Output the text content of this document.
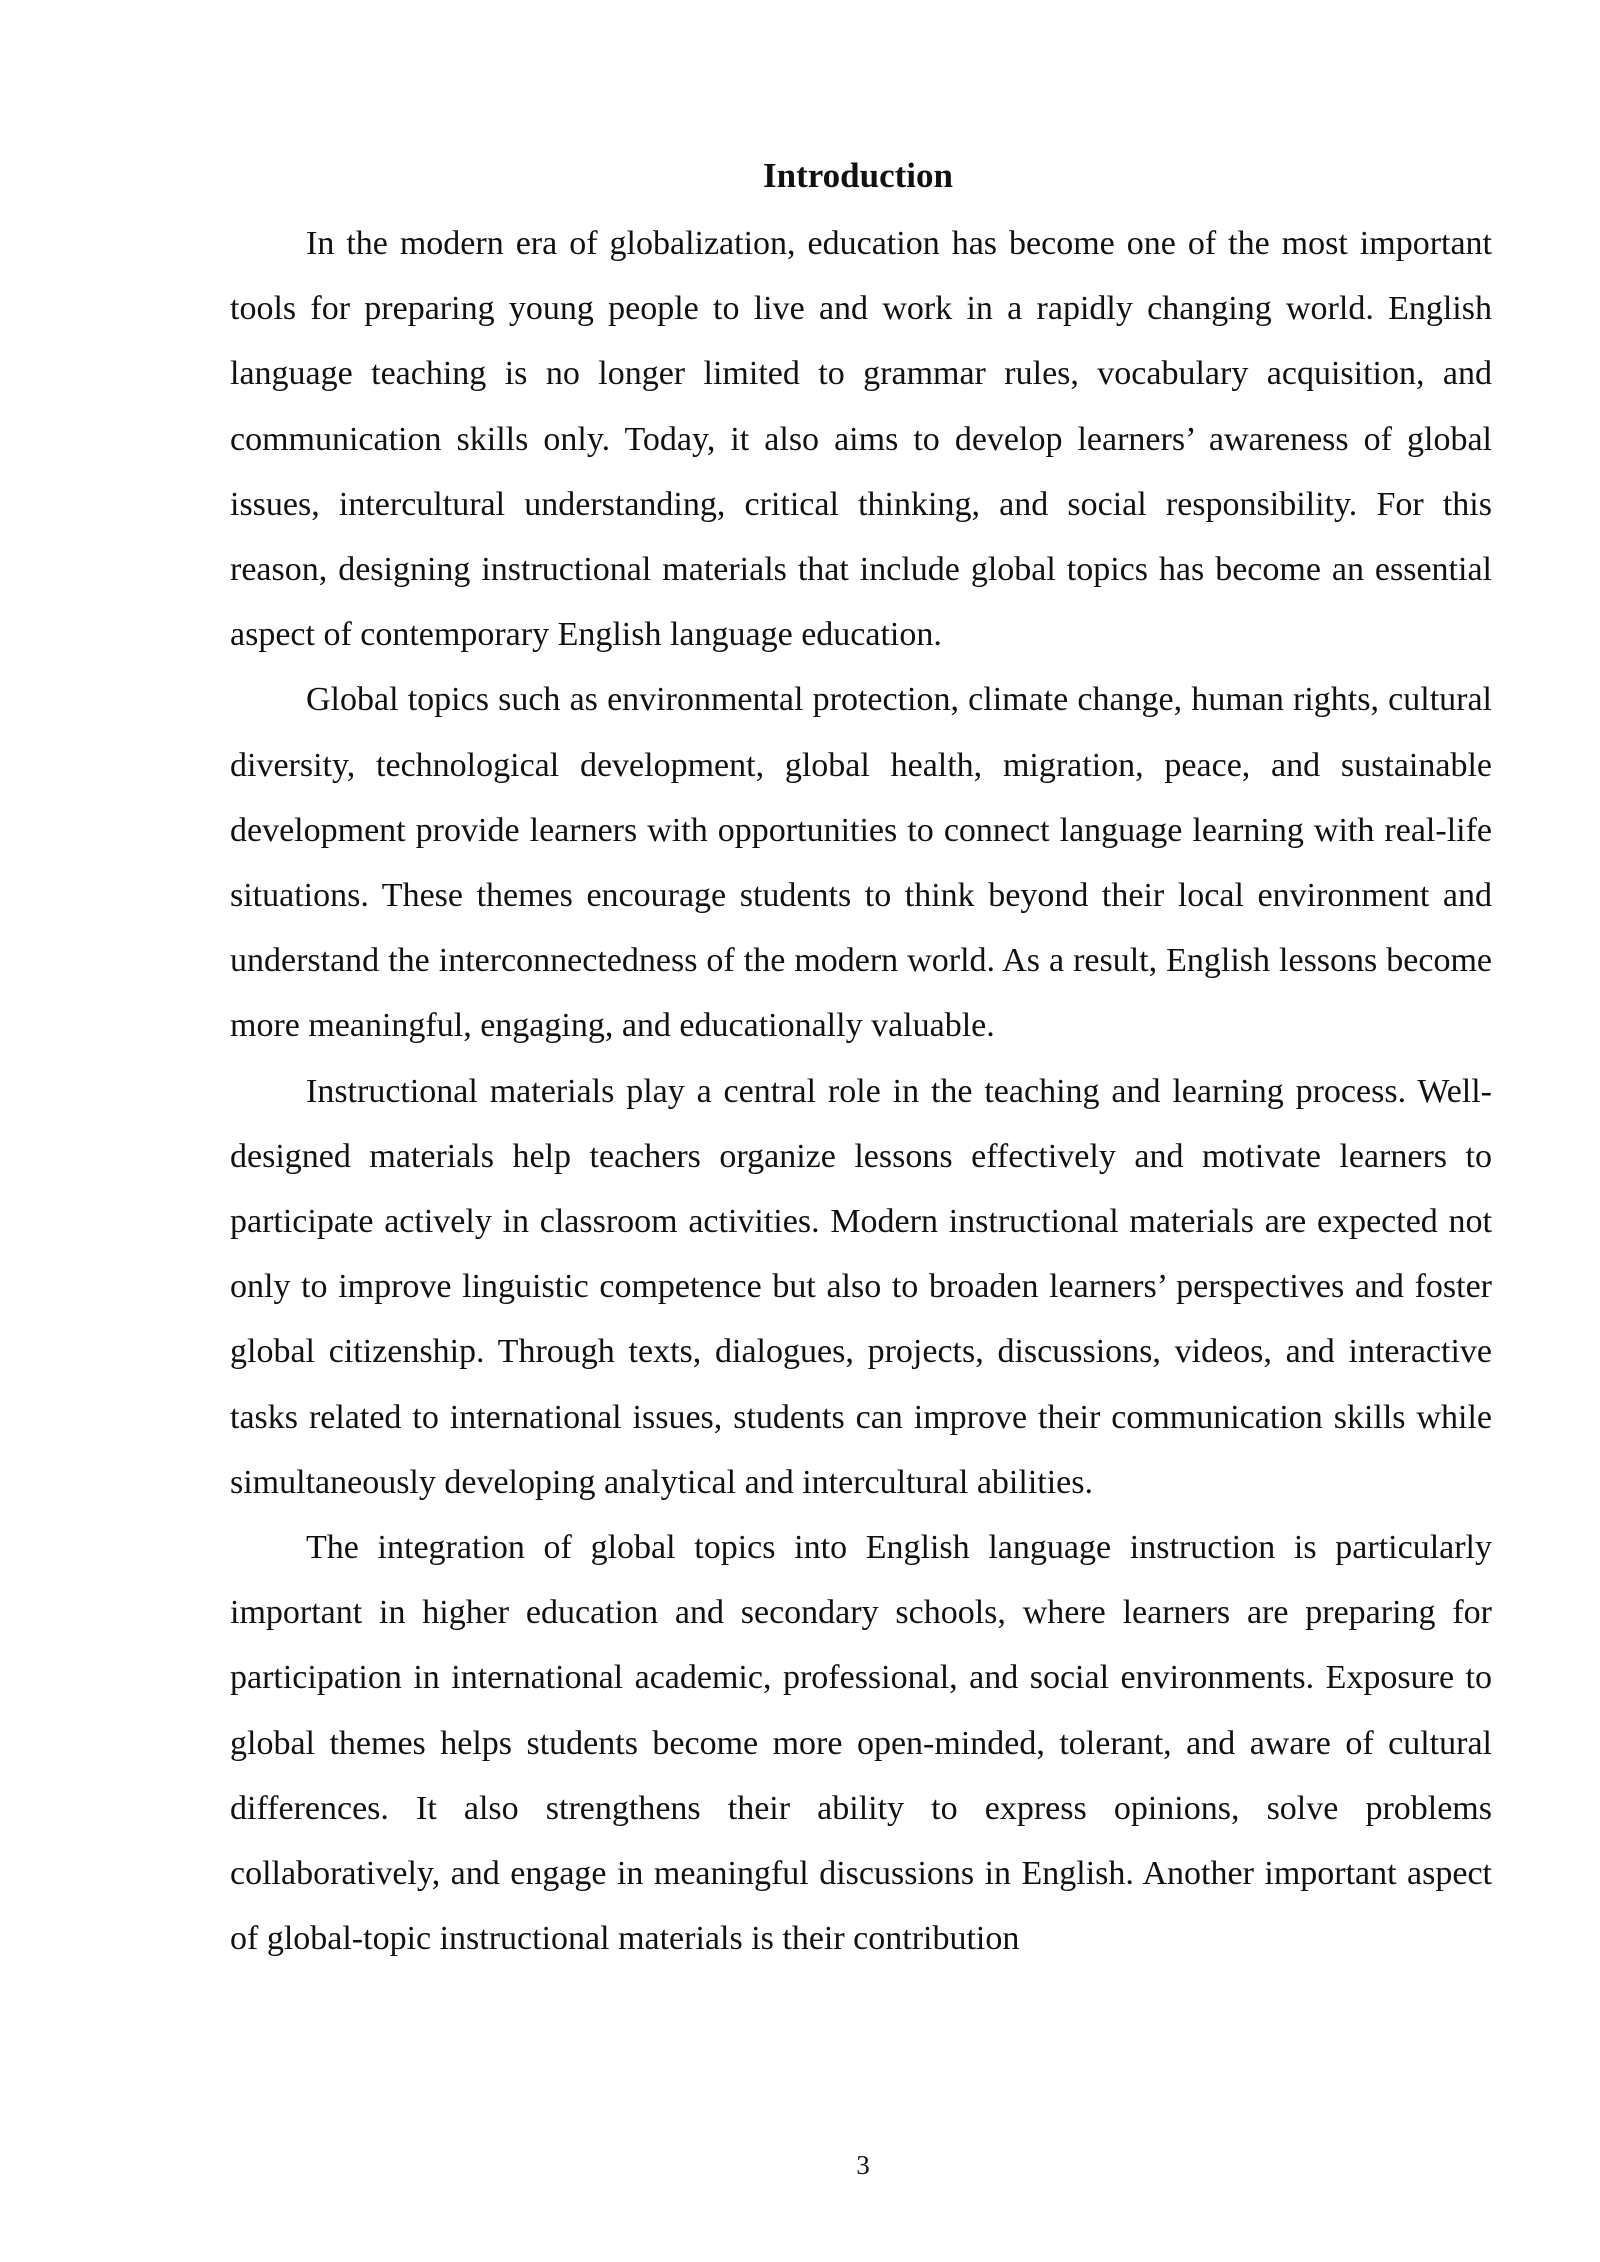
Introduction

In the modern era of globalization, education has become one of the most important tools for preparing young people to live and work in a rapidly changing world. English language teaching is no longer limited to grammar rules, vocabulary acquisition, and communication skills only. Today, it also aims to develop learners’ awareness of global issues, intercultural understanding, critical thinking, and social responsibility. For this reason, designing instructional materials that include global topics has become an essential aspect of contemporary English language education.

Global topics such as environmental protection, climate change, human rights, cultural diversity, technological development, global health, migration, peace, and sustainable development provide learners with opportunities to connect language learning with real-life situations. These themes encourage students to think beyond their local environment and understand the interconnectedness of the modern world. As a result, English lessons become more meaningful, engaging, and educationally valuable.

Instructional materials play a central role in the teaching and learning process. Well-designed materials help teachers organize lessons effectively and motivate learners to participate actively in classroom activities. Modern instructional materials are expected not only to improve linguistic competence but also to broaden learners’ perspectives and foster global citizenship. Through texts, dialogues, projects, discussions, videos, and interactive tasks related to international issues, students can improve their communication skills while simultaneously developing analytical and intercultural abilities.

The integration of global topics into English language instruction is particularly important in higher education and secondary schools, where learners are preparing for participation in international academic, professional, and social environments. Exposure to global themes helps students become more open-minded, tolerant, and aware of cultural differences. It also strengthens their ability to express opinions, solve problems collaboratively, and engage in meaningful discussions in English. Another important aspect of global-topic instructional materials is their contribution

3
